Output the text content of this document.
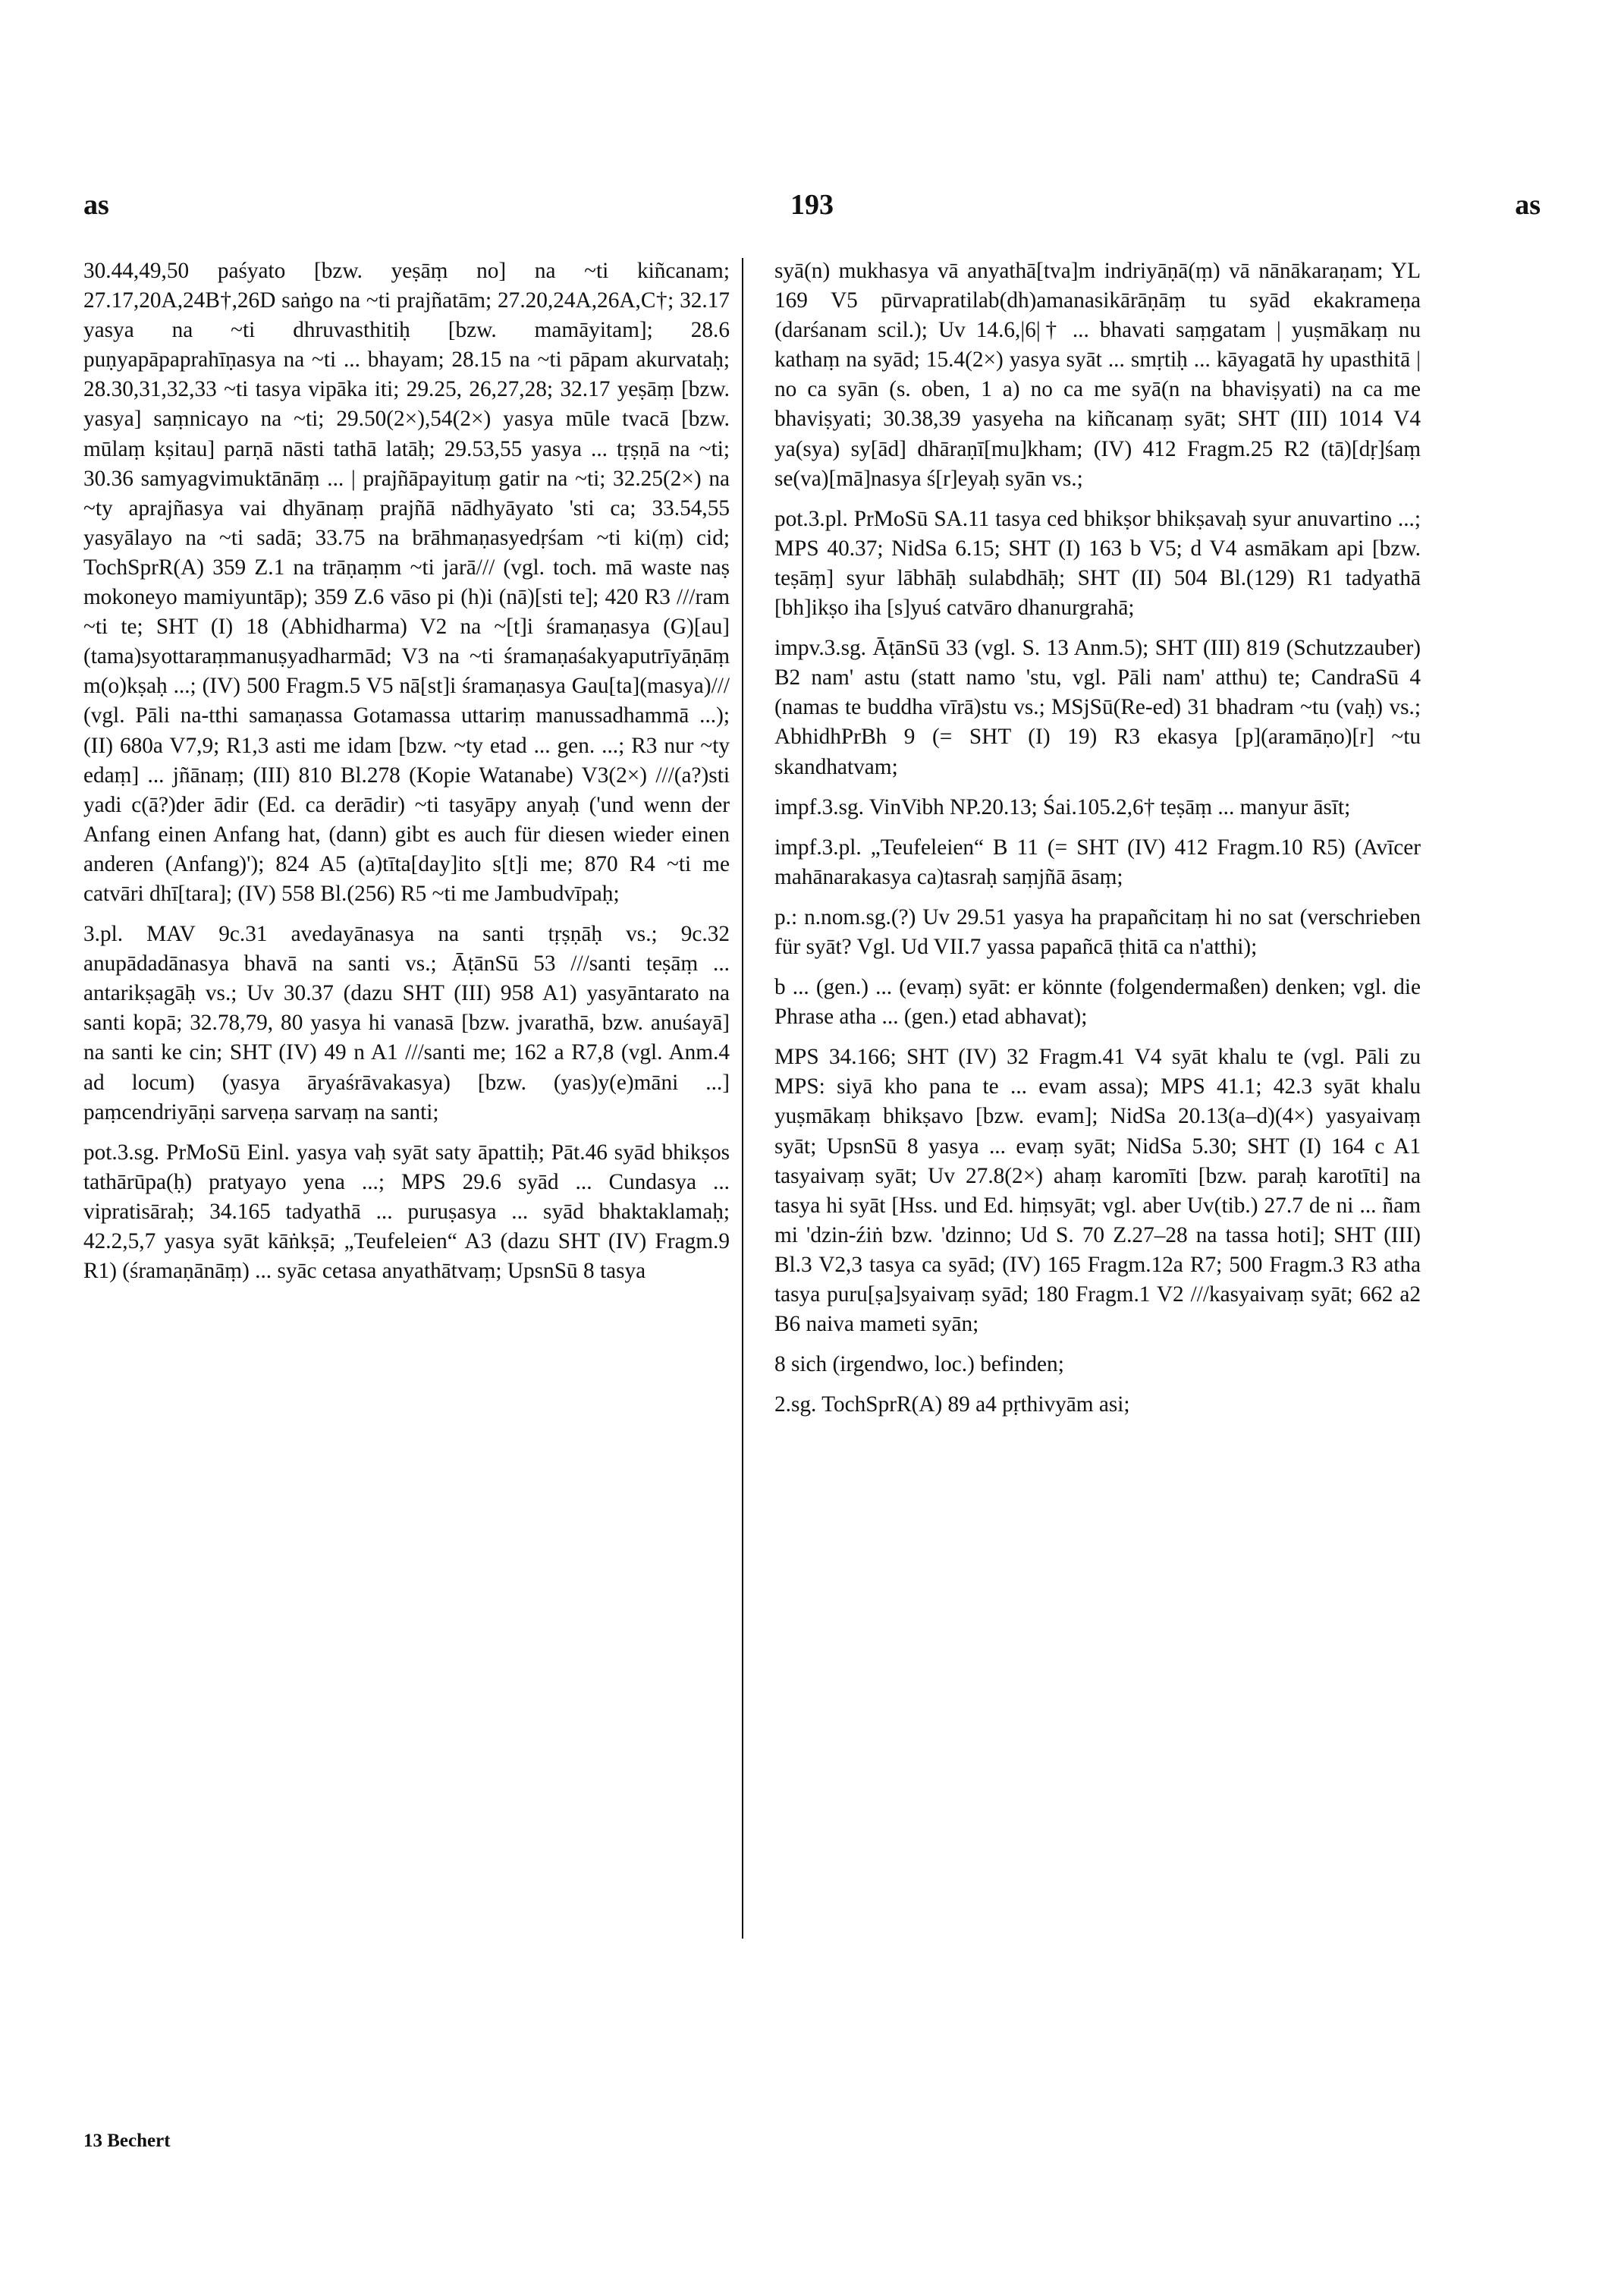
as	193	as

30.44,49,50 paśyato [bzw. yeṣāṃ no] na ~ti kiñcanam; 27.17,20A,24B†,26D saṅgo na ~ti prajñatām; 27.20,24A,26A,C†; 32.17 yasya na ~ti dhruvasthitiḥ [bzw. mamāyitam]; 28.6 puṇyapāpaprahīṇasya na ~ti ... bhayam; 28.15 na ~ti pāpam akurvataḥ; 28.30,31,32,33 ~ti tasya vipāka iti; 29.25, 26,27,28; 32.17 yeṣāṃ [bzw. yasya] saṃnicayo na ~ti; 29.50(2×),54(2×) yasya mūle tvacā [bzw. mūlaṃ kṣitau] parṇā nāsti tathā latāḥ; 29.53,55 yasya ... tṛṣṇā na ~ti; 30.36 samyagvimuktānāṃ ... | prajñāpayituṃ gatir na ~ti; 32.25(2×) na ~ty aprajñasya vai dhyānaṃ prajñā nādhyāyato 'sti ca; 33.54,55 yasyālayo na ~ti sadā; 33.75 na brāhmaṇasyedṛśam ~ti ki(ṃ) cid; TochSprR(A) 359 Z.1 na trāṇaṃm ~ti jarā/// (vgl. toch. mā waste naṣ mokoneyo mamiyuntāp); 359 Z.6 vāso pi (h)i (nā)[sti te]; 420 R3 ///ram ~ti te; SHT (I) 18 (Abhidharma) V2 na ~[t]i śramaṇasya (G)[au](tama)syottaraṃmanuṣyadharmād; V3 na ~ti śramaṇaśakyaputrīyāṇāṃ m(o)kṣaḥ ...; (IV) 500 Fragm.5 V5 nā[st]i śramaṇasya Gau[ta](masya)/// (vgl. Pāli na-tthi samaṇassa Gotamassa uttariṃ manussadhammā ...); (II) 680a V7,9; R1,3 asti me idam [bzw. ~ty etad ... gen. ...; R3 nur ~ty edaṃ] ... jñānaṃ; (III) 810 Bl.278 (Kopie Watanabe) V3(2×) ///(a?)sti yadi c(ā?)der ādir (Ed. ca derādir) ~ti tasyāpy anyaḥ ('und wenn der Anfang einen Anfang hat, (dann) gibt es auch für diesen wieder einen anderen (Anfang)'); 824 A5 (a)tīta[day]ito s[t]i me; 870 R4 ~ti me catvāri dhī[tara]; (IV) 558 Bl.(256) R5 ~ti me Jambudvīpaḥ;

3.pl. MAV 9c.31 avedayānasya na santi tṛṣṇāḥ vs.; 9c.32 anupādadānasya bhavā na santi vs.; ĀṭānSū 53 ///santi teṣāṃ ... antarikṣagāḥ vs.; Uv 30.37 (dazu SHT (III) 958 A1) yasyāntarato na santi kopā; 32.78,79, 80 yasya hi vanasā [bzw. jvarathā, bzw. anuśayā] na santi ke cin; SHT (IV) 49 n A1 ///santi me; 162 a R7,8 (vgl. Anm.4 ad locum) (yasya āryaśrāvakasya) [bzw. (yas)y(e)māni ...] paṃcendriyāṇi sarveṇa sarvaṃ na santi;

pot.3.sg. PrMoSū Einl. yasya vaḥ syāt saty āpattiḥ; Pāt.46 syād bhikṣos tathārūpa(ḥ) pratyayo yena ...; MPS 29.6 syād ... Cundasya ... vipratisāraḥ; 34.165 tadyathā ... puruṣasya ... syād bhaktaklamaḥ; 42.2,5,7 yasya syāt kāṅkṣā; „Teufeleien“ A3 (dazu SHT (IV) Fragm.9 R1) (śramaṇānāṃ) ... syāc cetasa anyathātvaṃ; UpsnSū 8 tasya

syā(n) mukhasya vā anyathā[tva]m indriyāṇā(ṃ) vā nānākaraṇam; YL 169 V5 pūrvapratilab(dh)amanasikārāṇāṃ tu syād ekakrameṇa (darśanam scil.); Uv 14.6,|6|† ... bhavati saṃgatam | yuṣmākaṃ nu kathaṃ na syād; 15.4(2×) yasya syāt ... smṛtiḥ ... kāyagatā hy upasthitā | no ca syān (s. oben, 1 a) no ca me syā(n na bhaviṣyati) na ca me bhaviṣyati; 30.38,39 yasyeha na kiñcanaṃ syāt; SHT (III) 1014 V4 ya(sya) sy[ād] dhāraṇī[mu]kham; (IV) 412 Fragm.25 R2 (tā)[dṛ]śaṃ se(va)[mā]nasya ś[r]eyaḥ syān vs.;

pot.3.pl. PrMoSū SA.11 tasya ced bhikṣor bhikṣavaḥ syur anuvartino ...; MPS 40.37; NidSa 6.15; SHT (I) 163 b V5; d V4 asmākam api [bzw. teṣāṃ] syur lābhāḥ sulabdhāḥ; SHT (II) 504 Bl.(129) R1 tadyathā [bh]ikṣo iha [s]yuś catvāro dhanurgrahā;

impv.3.sg. ĀṭānSū 33 (vgl. S. 13 Anm.5); SHT (III) 819 (Schutzzauber) B2 nam' astu (statt namo 'stu, vgl. Pāli nam' atthu) te; CandraSū 4 (namas te buddha vīrā)stu vs.; MSjSū(Re-ed) 31 bhadram ~tu (vaḥ) vs.; AbhidhPrBh 9 (= SHT (I) 19) R3 ekasya [p](aramāṇo)[r] ~tu skandhatvam;

impf.3.sg. VinVibh NP.20.13; Śai.105.2,6† teṣāṃ ... manyur āsīt;

impf.3.pl. „Teufeleien“ B 11 (= SHT (IV) 412 Fragm.10 R5) (Avīcer mahānarakasya ca)tasraḥ saṃjñā āsaṃ;

p.: n.nom.sg.(?) Uv 29.51 yasya ha prapañcitaṃ hi no sat (verschrieben für syāt? Vgl. Ud VII.7 yassa papañcā ṭhitā ca n'atthi);

b ... (gen.) ... (evaṃ) syāt: er könnte (folgendermaßen) denken; vgl. die Phrase atha ... (gen.) etad abhavat);

MPS 34.166; SHT (IV) 32 Fragm.41 V4 syāt khalu te (vgl. Pāli zu MPS: siyā kho pana te ... evam assa); MPS 41.1; 42.3 syāt khalu yuṣmākaṃ bhikṣavo [bzw. evam]; NidSa 20.13(a–d)(4×) yasyaivaṃ syāt; UpsnSū 8 yasya ... evaṃ syāt; NidSa 5.30; SHT (I) 164 c A1 tasyaivaṃ syāt; Uv 27.8(2×) ahaṃ karomīti [bzw. paraḥ karotīti] na tasya hi syāt [Hss. und Ed. hiṃsyāt; vgl. aber Uv(tib.) 27.7 de ni ... ñam mi 'dzin-źiṅ bzw. 'dzinno; Ud S. 70 Z.27–28 na tassa hoti]; SHT (III) Bl.3 V2,3 tasya ca syād; (IV) 165 Fragm.12a R7; 500 Fragm.3 R3 atha tasya puru[ṣa]syaivaṃ syād; 180 Fragm.1 V2 ///kasyaivaṃ syāt; 662 a2 B6 naiva mameti syān;

8 sich (irgendwo, loc.) befinden;

2.sg. TochSprR(A) 89 a4 pṛthivyām asi;

13 Bechert
